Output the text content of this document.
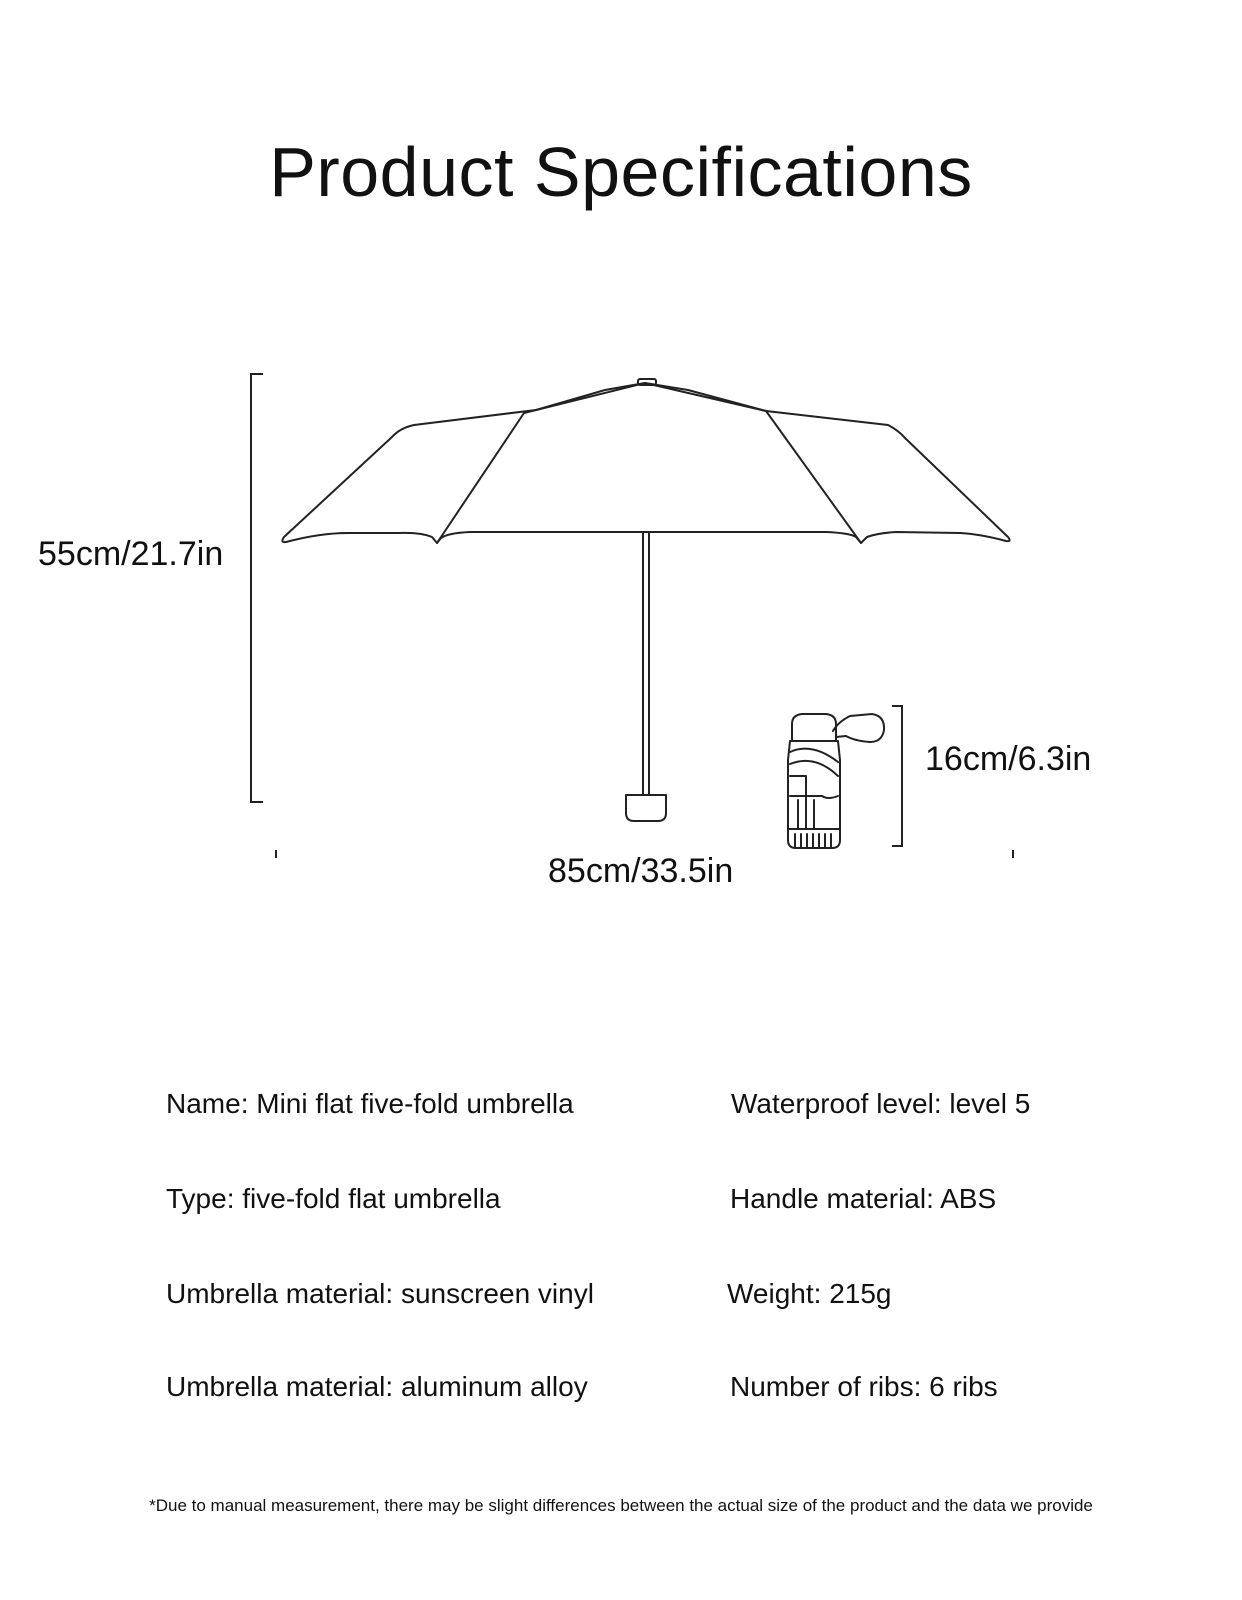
Product Specifications
55cm/21.7in
85cm/33.5in
16cm/6.3in
Name: Mini flat five-fold umbrella
Type: five-fold flat umbrella
Umbrella material: sunscreen vinyl
Umbrella material: aluminum alloy
Waterproof level: level 5
Handle material: ABS
Weight: 215g
Number of ribs: 6 ribs
*Due to manual measurement, there may be slight differences between the actual size of the product and the data we provide
